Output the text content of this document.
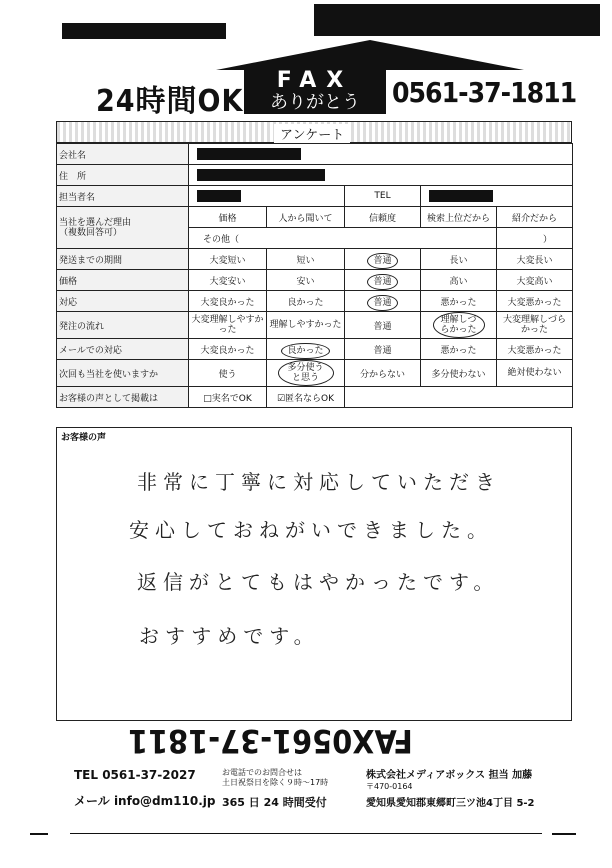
24時間OK
FAX
ありがとう	0561-37-1811
アンケート
会社名					
住　所					
担当者名			TEL		

当社を選んだ理由
（複数回答可）	価格	人から聞いて	信頼度	検索上位だから	紹介だから
	その他（				）
発送までの期間	大変短い	短い	普通	長い	大変長い
価格	大変安い	安い	普通	高い	大変高い
対応	大変良かった	良かった	普通	悪かった	大変悪かった
発注の流れ	大変理解しやすかった	理解しやすかった	普通	理解しづらかった	大変理解しづらかった
メールでの対応	大変良かった	良かった	普通	悪かった	大変悪かった
次回も当社を使いますか	使う	多分使うと思う	分からない	多分使わない	絶対使わない
お客様の声として掲載は	□実名でOK	☑匿名ならOK			
お客様の声
非常に丁寧に対応していただき
安心しておねがいできました。
返信がとてもはやかったです。
おすすめです。
FAX0561-37-1811
TEL 0561-37-2027
メール info@dm110.jp
お電話でのお問合せは
土日祝祭日を除く９時〜17時
365 日 24 時間受付
株式会社メディアボックス 担当 加藤
〒470-0164
愛知県愛知郡東郷町三ツ池4丁目 5-2
